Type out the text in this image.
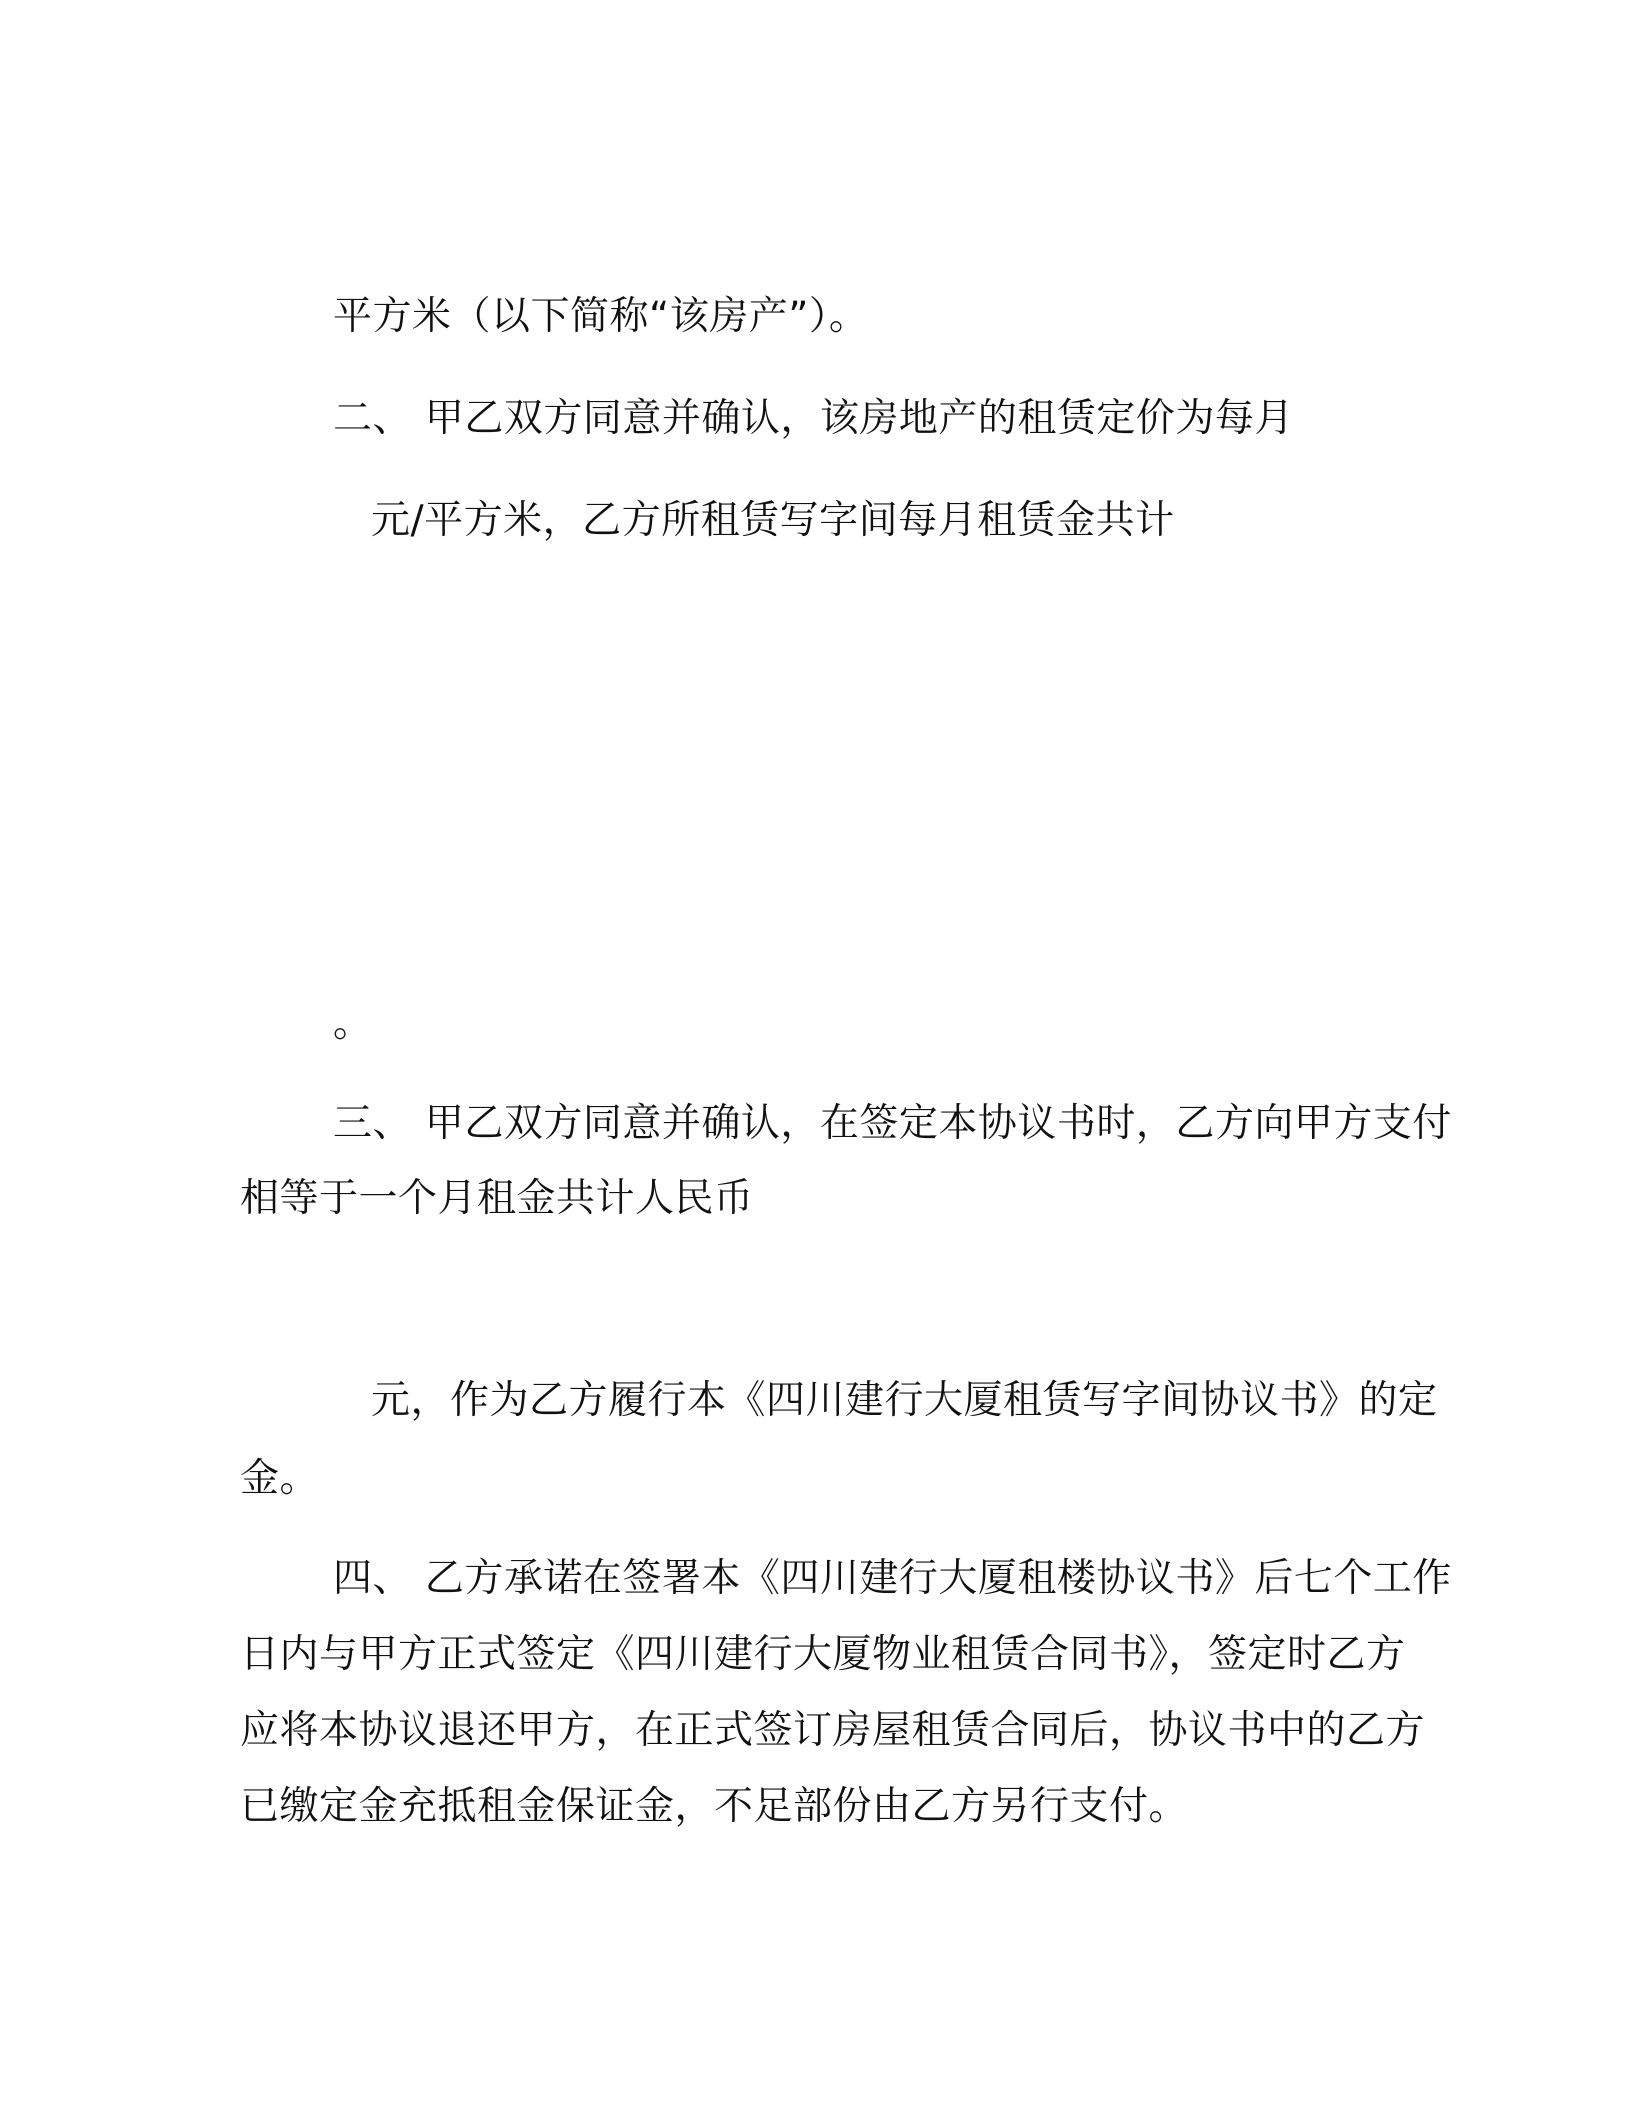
平方米（以下简称“该房产”）。
二、 甲乙双方同意并确认，该房地产的租赁定价为每月
元/平方米，乙方所租赁写字间每月租赁金共计
。
三、 甲乙双方同意并确认，在签定本协议书时，乙方向甲方支付
相等于一个月租金共计人民币
元，作为乙方履行本《四川建行大厦租赁写字间协议书》的定
金。
四、 乙方承诺在签署本《四川建行大厦租楼协议书》后七个工作
日内与甲方正式签定《四川建行大厦物业租赁合同书》，签定时乙方
应将本协议退还甲方，在正式签订房屋租赁合同后，协议书中的乙方
已缴定金充抵租金保证金，不足部份由乙方另行支付。
